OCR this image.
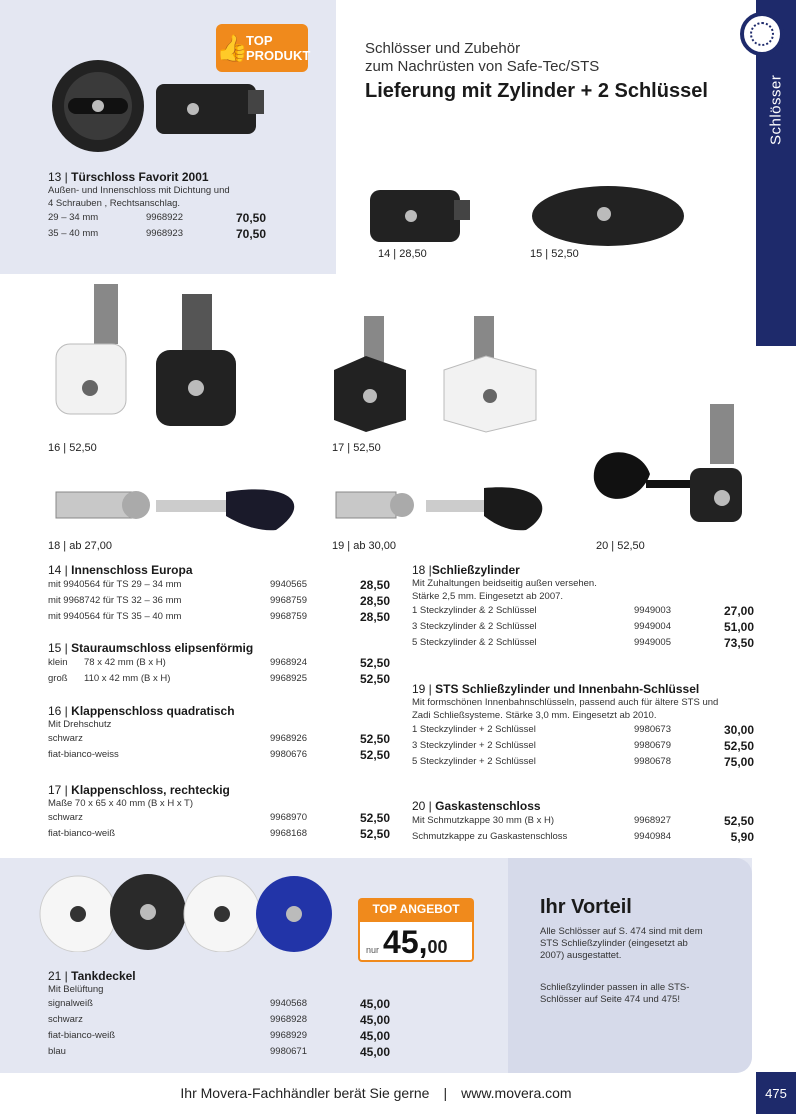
Schlösser
Schlösser und Zubehör
zum Nachrüsten von Safe-Tec/STS
Lieferung mit Zylinder + 2 Schlüssel
👍
TOP
PRODUKT
14 | 28,50	15 | 52,50
16 | 52,50	17 | 52,50
18 | ab 27,00	19 | ab 30,00	20 | 52,50
13 | Türschloss Favorit 2001
Außen- und Innenschloss mit Dichtung und
4 Schrauben , Rechtsanschlag.
29 – 34 mm	9968922	70,50
35 – 40 mm	9968923	70,50
14 | Innenschloss Europa
mit 9940564 für TS 29 – 34 mm	9940565	28,50
mit 9968742 für TS 32 – 36 mm	9968759	28,50
mit 9940564 für TS 35 – 40 mm	9968759	28,50
15 | Stauraumschloss elipsenförmig
klein	78 x 42 mm (B x H)	9968924	52,50
groß	110 x 42 mm (B x H)	9968925	52,50
16 | Klappenschloss quadratisch
Mit Drehschutz
schwarz	9968926	52,50
fiat-bianco-weiss	9980676	52,50
17 | Klappenschloss, rechteckig
Maße 70 x 65 x 40 mm (B x H x T)
schwarz	9968970	52,50
fiat-bianco-weiß	9968168	52,50
18 |Schließzylinder
Mit Zuhaltungen beidseitig außen versehen.
Stärke 2,5 mm. Eingesetzt ab 2007.
1 Steckzylinder & 2 Schlüssel	9949003	27,00
3 Steckzylinder & 2 Schlüssel	9949004	51,00
5 Steckzylinder & 2 Schlüssel	9949005	73,50
19 | STS Schließzylinder und Innenbahn-Schlüssel
Mit formschönen Innenbahnschlüsseln, passend auch für ältere STS und
Zadi Schließsysteme. Stärke 3,0 mm. Eingesetzt ab 2010.
1 Steckzylinder + 2 Schlüssel	9980673	30,00
3 Steckzylinder + 2 Schlüssel	9980679	52,50
5 Steckzylinder + 2 Schlüssel	9980678	75,00
20 | Gaskastenschloss
Mit Schmutzkappe 30 mm (B x H)	9968927	52,50
Schmutzkappe zu Gaskastenschloss	9940984	5,90
21 | Tankdeckel
Mit Belüftung
signalweiß	9940568	45,00
schwarz	9968928	45,00
fiat-bianco-weiß	9968929	45,00
blau	9980671	45,00
TOP ANGEBOT
nur 45, 00
Ihr Vorteil
Alle Schlösser auf S. 474 sind mit dem STS Schließzylinder (eingesetzt ab 2007) ausgestattet.
Schließzylinder passen in alle STS-Schlösser auf Seite 474 und 475!
Ihr Movera-Fachhändler berät Sie gerne | www.movera.com	475
